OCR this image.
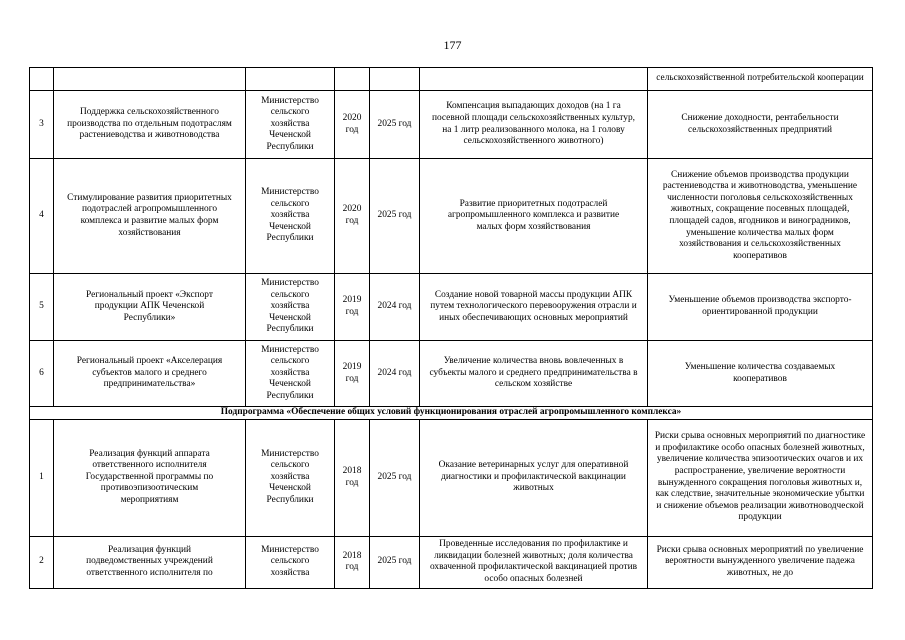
177
						сельскохозяйственной потребительской кооперации
3	Поддержка сельскохозяйственного производства по отдельным подотраслям растениеводства и животноводства	Министерство сельского хозяйства Чеченской Республики	2020 год	2025 год	Компенсация выпадающих доходов (на 1 га посевной площади сельскохозяйственных культур, на 1 литр реализованного молока, на 1 голову сельскохозяйственного животного)	Снижение доходности, рентабельности сельскохозяйственных предприятий
4	Стимулирование развития приоритетных подотраслей агропромышленного комплекса и развитие малых форм хозяйствования	Министерство сельского хозяйства Чеченской Республики	2020 год	2025 год	Развитие приоритетных подотраслей агропромышленного комплекса и развитие малых форм хозяйствования	Снижение объемов производства продукции растениеводства и животноводства, уменьшение численности поголовья сельскохозяйственных животных, сокращение посевных площадей, площадей садов, ягодников и виноградников, уменьшение количества малых форм хозяйствования и сельскохозяйственных кооперативов
5	Региональный проект «Экспорт продукции АПК Чеченской Республики»	Министерство сельского хозяйства Чеченской Республики	2019 год	2024 год	Создание новой товарной массы продукции АПК путем технологического перевооружения отрасли и иных обеспечивающих основных мероприятий	Уменьшение объемов производства экспорто-ориентированной продукции
6	Региональный проект «Акселерация субъектов малого и среднего предпринимательства»	Министерство сельского хозяйства Чеченской Республики	2019 год	2024 год	Увеличение количества вновь вовлеченных в субъекты малого и среднего предпринимательства в сельском хозяйстве	Уменьшение количества создаваемых кооперативов
Подпрограмма «Обеспечение общих условий функционирования отраслей агропромышленного комплекса»						
1	Реализация функций аппарата ответственного исполнителя Государственной программы по противоэпизоотическим мероприятиям	Министерство сельского хозяйства Чеченской Республики	2018 год	2025 год	Оказание ветеринарных услуг для оперативной диагностики и профилактической вакцинации животных	Риски срыва основных мероприятий по диагностике и профилактике особо опасных болезней животных, увеличение количества эпизоотических очагов и их распространение, увеличение вероятности вынужденного сокращения поголовья животных и, как следствие, значительные экономические убытки и снижение объемов реализации животноводческой продукции
2	Реализация функций подведомственных учреждений ответственного исполнителя по	Министерство сельского хозяйства	2018 год	2025 год	Проведенные исследования по профилактике и ликвидации болезней животных; доля количества охваченной профилактической вакцинацией против особо опасных болезней	Риски срыва основных мероприятий по увеличение вероятности вынужденного увеличение падежа животных, не до
